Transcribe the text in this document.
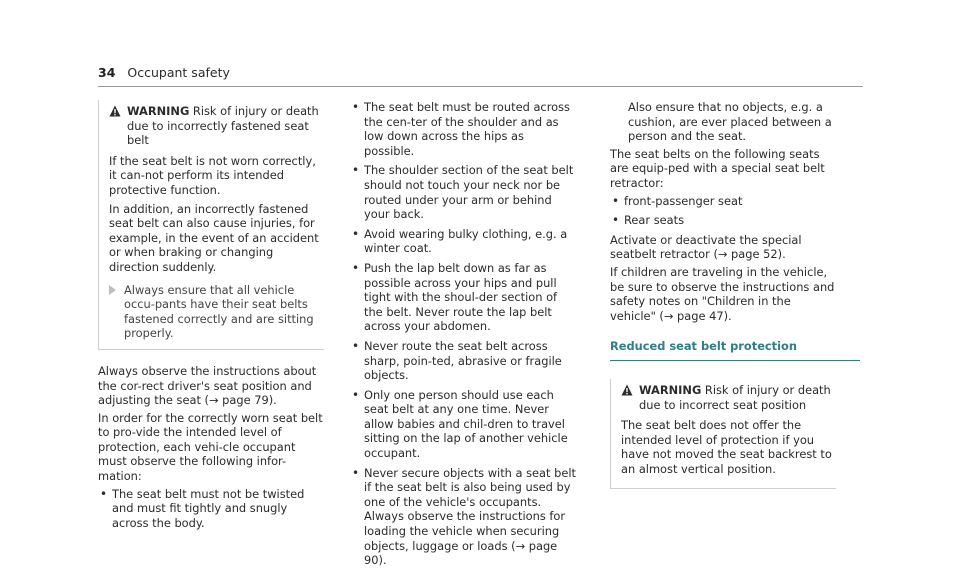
34 Occupant safety
WARNING Risk of injury or death due to incorrectly fastened seat belt

If the seat belt is not worn correctly, it can-not perform its intended protective function.

In addition, an incorrectly fastened seat belt can also cause injuries, for example, in the event of an accident or when braking or changing direction suddenly.

Always ensure that all vehicle occu-pants have their seat belts fastened correctly and are sitting properly.

Always observe the instructions about the cor-rect driver's seat position and adjusting the seat (→ page 79).

In order for the correctly worn seat belt to pro-vide the intended level of protection, each vehi-cle occupant must observe the following infor-mation:

• The seat belt must not be twisted and must fit tightly and snugly across the body.
• The seat belt must be routed across the cen-ter of the shoulder and as low down across the hips as possible.
• The shoulder section of the seat belt should not touch your neck nor be routed under your arm or behind your back.
• Avoid wearing bulky clothing, e.g. a winter coat.
• Push the lap belt down as far as possible across your hips and pull tight with the shoul-der section of the belt. Never route the lap belt across your abdomen.
• Never route the seat belt across sharp, poin-ted, abrasive or fragile objects.
• Only one person should use each seat belt at any one time. Never allow babies and chil-dren to travel sitting on the lap of another vehicle occupant.
• Never secure objects with a seat belt if the seat belt is also being used by one of the vehicle's occupants. Always observe the instructions for loading the vehicle when securing objects, luggage or loads (→ page 90).

Also ensure that no objects, e.g. a cushion, are ever placed between a person and the seat.

The seat belts on the following seats are equip-ped with a special seat belt retractor:

• front-passenger seat
• Rear seats

Activate or deactivate the special seatbelt retractor (→ page 52).

If children are traveling in the vehicle, be sure to observe the instructions and safety notes on "Children in the vehicle" (→ page 47).

Reduced seat belt protection
WARNING Risk of injury or death due to incorrect seat position

The seat belt does not offer the intended level of protection if you have not moved the seat backrest to an almost vertical position.
